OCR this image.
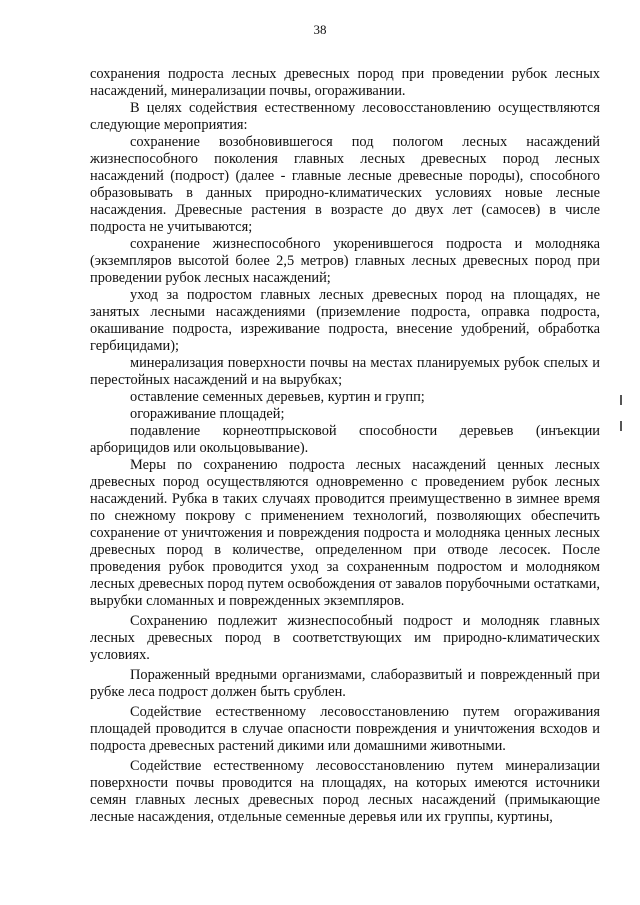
38

сохранения подроста лесных древесных пород при проведении рубок лесных насаждений, минерализации почвы, огораживании.

В целях содействия естественному лесовосстановлению осуществляются следующие мероприятия:

сохранение возобновившегося под пологом лесных насаждений жизнеспособного поколения главных лесных древесных пород лесных насаждений (подрост) (далее - главные лесные древесные породы), способного образовывать в данных природно-климатических условиях новые лесные насаждения. Древесные растения в возрасте до двух лет (самосев) в числе подроста не учитываются;

сохранение жизнеспособного укоренившегося подроста и молодняка (экземпляров высотой более 2,5 метров) главных лесных древесных пород при проведении рубок лесных насаждений;

уход за подростом главных лесных древесных пород на площадях, не занятых лесными насаждениями (приземление подроста, оправка подроста, окашивание подроста, изреживание подроста, внесение удобрений, обработка гербицидами);

минерализация поверхности почвы на местах планируемых рубок спелых и перестойных насаждений и на вырубках;

оставление семенных деревьев, куртин и групп;

огораживание площадей;

подавление корнеотпрысковой способности деревьев (инъекции арборицидов или окольцовывание).

Меры по сохранению подроста лесных насаждений ценных лесных древесных пород осуществляются одновременно с проведением рубок лесных насаждений. Рубка в таких случаях проводится преимущественно в зимнее время по снежному покрову с применением технологий, позволяющих обеспечить сохранение от уничтожения и повреждения подроста и молодняка ценных лесных древесных пород в количестве, определенном при отводе лесосек. После проведения рубок проводится уход за сохраненным подростом и молодняком лесных древесных пород путем освобождения от завалов порубочными остатками, вырубки сломанных и поврежденных экземпляров.

Сохранению подлежит жизнеспособный подрост и молодняк главных лесных древесных пород в соответствующих им природно-климатических условиях.

Пораженный вредными организмами, слаборазвитый и поврежденный при рубке леса подрост должен быть срублен.

Содействие естественному лесовосстановлению путем огораживания площадей проводится в случае опасности повреждения и уничтожения всходов и подроста древесных растений дикими или домашними животными.

Содействие естественному лесовосстановлению путем минерализации поверхности почвы проводится на площадях, на которых имеются источники семян главных лесных древесных пород лесных насаждений (примыкающие лесные насаждения, отдельные семенные деревья или их группы, куртины,
